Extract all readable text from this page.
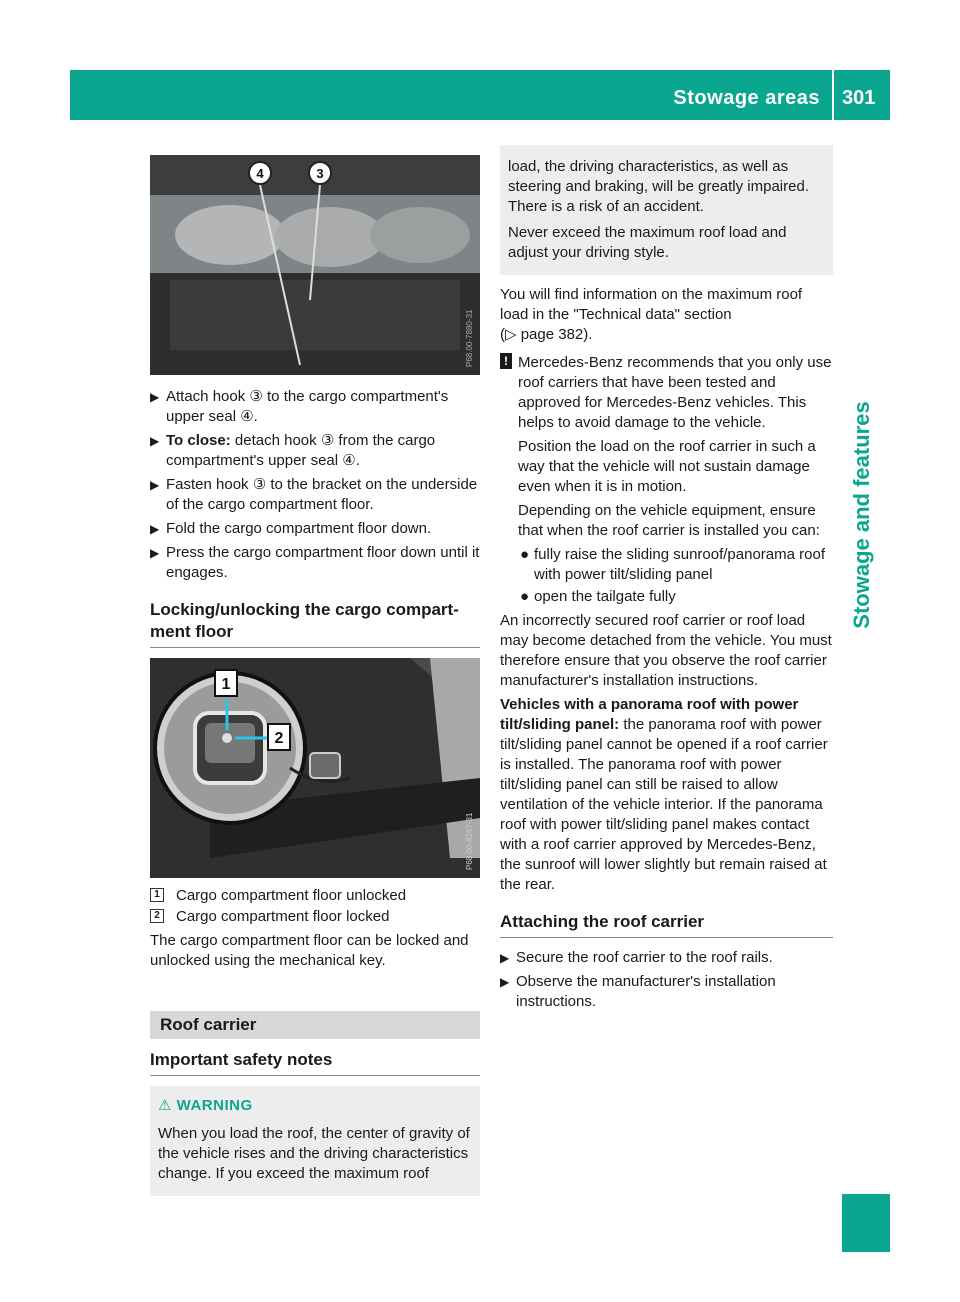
Stowage areas 301
Stowage and features
4	3
P68.00-7880-31
▶ Attach hook ③ to the cargo compartment's upper seal ④.
▶ To close: detach hook ③ from the cargo compartment's upper seal ④.
▶ Fasten hook ③ to the bracket on the underside of the cargo compartment floor.
▶ Fold the cargo compartment floor down.
▶ Press the cargo compartment floor down until it engages.
Locking/unlocking the cargo compartment floor
1
2
P68.00-8247-31
1 Cargo compartment floor unlocked
2 Cargo compartment floor locked
The cargo compartment floor can be locked and unlocked using the mechanical key.
Roof carrier
Important safety notes
⚠ WARNING
When you load the roof, the center of gravity of the vehicle rises and the driving characteristics change. If you exceed the maximum roof
load, the driving characteristics, as well as steering and braking, will be greatly impaired. There is a risk of an accident.
Never exceed the maximum roof load and adjust your driving style.
You will find information on the maximum roof load in the "Technical data" section
(▷ page 382).
! Mercedes-Benz recommends that you only use roof carriers that have been tested and approved for Mercedes-Benz vehicles. This helps to avoid damage to the vehicle.
Position the load on the roof carrier in such a way that the vehicle will not sustain damage even when it is in motion.
Depending on the vehicle equipment, ensure that when the roof carrier is installed you can:
● fully raise the sliding sunroof/panorama roof with power tilt/sliding panel
● open the tailgate fully
An incorrectly secured roof carrier or roof load may become detached from the vehicle. You must therefore ensure that you observe the roof carrier manufacturer's installation instructions.
Vehicles with a panorama roof with power tilt/sliding panel: the panorama roof with power tilt/sliding panel cannot be opened if a roof carrier is installed. The panorama roof with power tilt/sliding panel can still be raised to allow ventilation of the vehicle interior. If the panorama roof with power tilt/sliding panel makes contact with a roof carrier approved by Mercedes-Benz, the sunroof will lower slightly but remain raised at the rear.
Attaching the roof carrier
▶ Secure the roof carrier to the roof rails.
▶ Observe the manufacturer's installation instructions.
